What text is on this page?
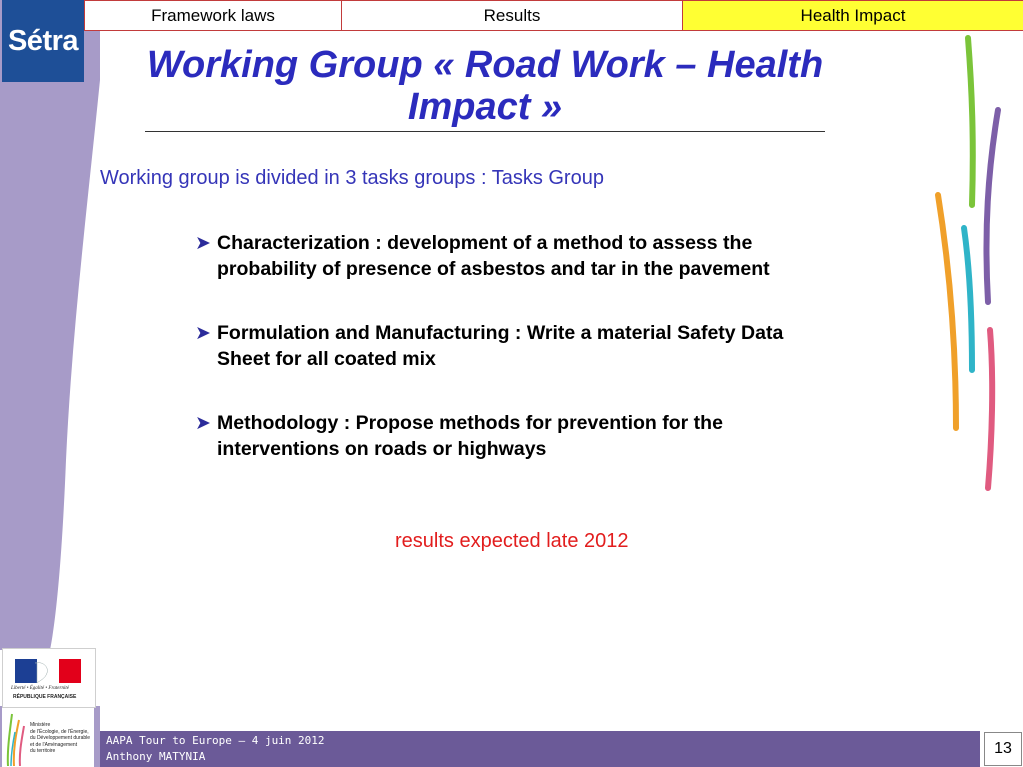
Sétra
Liberté • Égalité • Fraternité
RÉPUBLIQUE FRANÇAISE
Ministère
de l'Écologie, de l'Énergie,
du Développement durable
et de l'Aménagement
du territoire
Framework laws	Results	Health Impact
Working Group « Road Work – Health
Impact »
Working group is divided in 3 tasks groups : Tasks Group
➤ Characterization : development of a method to assess the
probability of presence of asbestos and tar in the pavement
➤ Formulation and Manufacturing : Write a material Safety Data
Sheet for all coated mix
➤ Methodology : Propose methods for prevention for the
interventions on roads or highways
results expected late 2012
AAPA Tour to Europe – 4 juin 2012
Anthony MATYNIA	13
